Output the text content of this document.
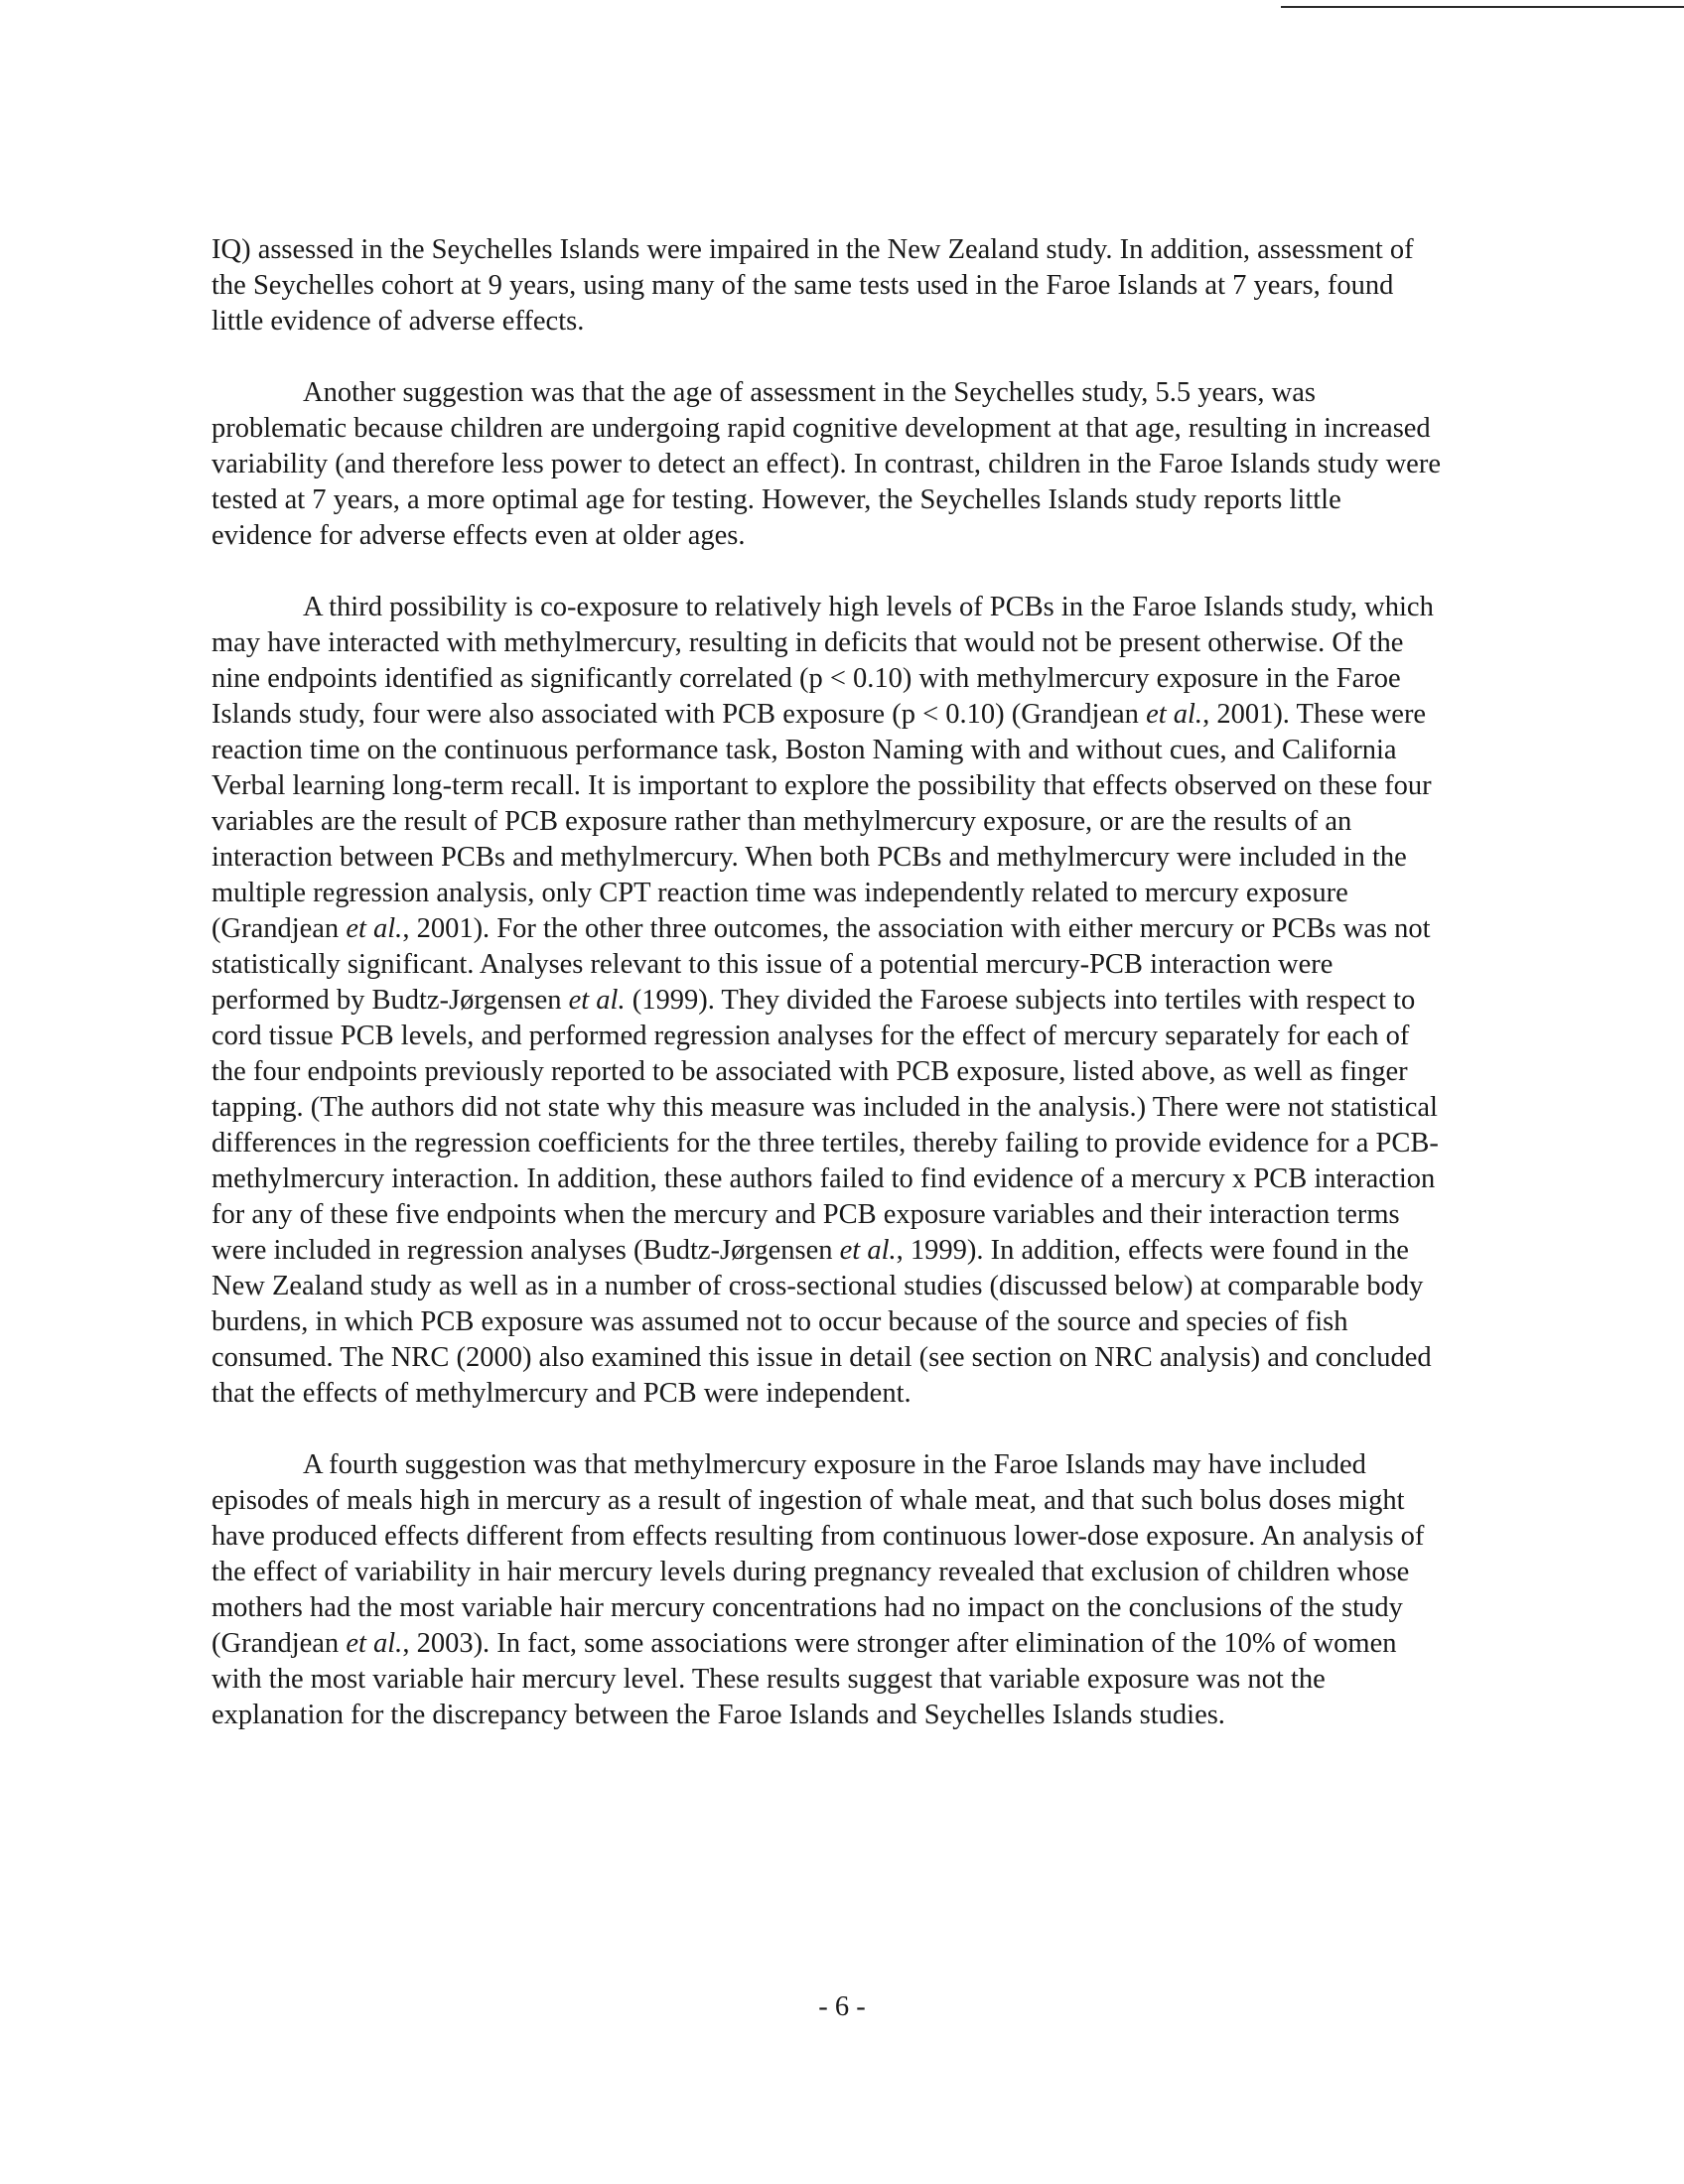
IQ) assessed in the Seychelles Islands were impaired in the New Zealand study. In addition, assessment of the Seychelles cohort at 9 years, using many of the same tests used in the Faroe Islands at 7 years, found little evidence of adverse effects.

Another suggestion was that the age of assessment in the Seychelles study, 5.5 years, was problematic because children are undergoing rapid cognitive development at that age, resulting in increased variability (and therefore less power to detect an effect). In contrast, children in the Faroe Islands study were tested at 7 years, a more optimal age for testing. However, the Seychelles Islands study reports little evidence for adverse effects even at older ages.

A third possibility is co-exposure to relatively high levels of PCBs in the Faroe Islands study, which may have interacted with methylmercury, resulting in deficits that would not be present otherwise. Of the nine endpoints identified as significantly correlated (p < 0.10) with methylmercury exposure in the Faroe Islands study, four were also associated with PCB exposure (p < 0.10) (Grandjean et al., 2001). These were reaction time on the continuous performance task, Boston Naming with and without cues, and California Verbal learning long-term recall. It is important to explore the possibility that effects observed on these four variables are the result of PCB exposure rather than methylmercury exposure, or are the results of an interaction between PCBs and methylmercury. When both PCBs and methylmercury were included in the multiple regression analysis, only CPT reaction time was independently related to mercury exposure (Grandjean et al., 2001). For the other three outcomes, the association with either mercury or PCBs was not statistically significant. Analyses relevant to this issue of a potential mercury-PCB interaction were performed by Budtz-Jørgensen et al. (1999). They divided the Faroese subjects into tertiles with respect to cord tissue PCB levels, and performed regression analyses for the effect of mercury separately for each of the four endpoints previously reported to be associated with PCB exposure, listed above, as well as finger tapping. (The authors did not state why this measure was included in the analysis.) There were not statistical differences in the regression coefficients for the three tertiles, thereby failing to provide evidence for a PCB-methylmercury interaction. In addition, these authors failed to find evidence of a mercury x PCB interaction for any of these five endpoints when the mercury and PCB exposure variables and their interaction terms were included in regression analyses (Budtz-Jørgensen et al., 1999). In addition, effects were found in the New Zealand study as well as in a number of cross-sectional studies (discussed below) at comparable body burdens, in which PCB exposure was assumed not to occur because of the source and species of fish consumed. The NRC (2000) also examined this issue in detail (see section on NRC analysis) and concluded that the effects of methylmercury and PCB were independent.

A fourth suggestion was that methylmercury exposure in the Faroe Islands may have included episodes of meals high in mercury as a result of ingestion of whale meat, and that such bolus doses might have produced effects different from effects resulting from continuous lower-dose exposure. An analysis of the effect of variability in hair mercury levels during pregnancy revealed that exclusion of children whose mothers had the most variable hair mercury concentrations had no impact on the conclusions of the study (Grandjean et al., 2003). In fact, some associations were stronger after elimination of the 10% of women with the most variable hair mercury level. These results suggest that variable exposure was not the explanation for the discrepancy between the Faroe Islands and Seychelles Islands studies.

- 6 -
